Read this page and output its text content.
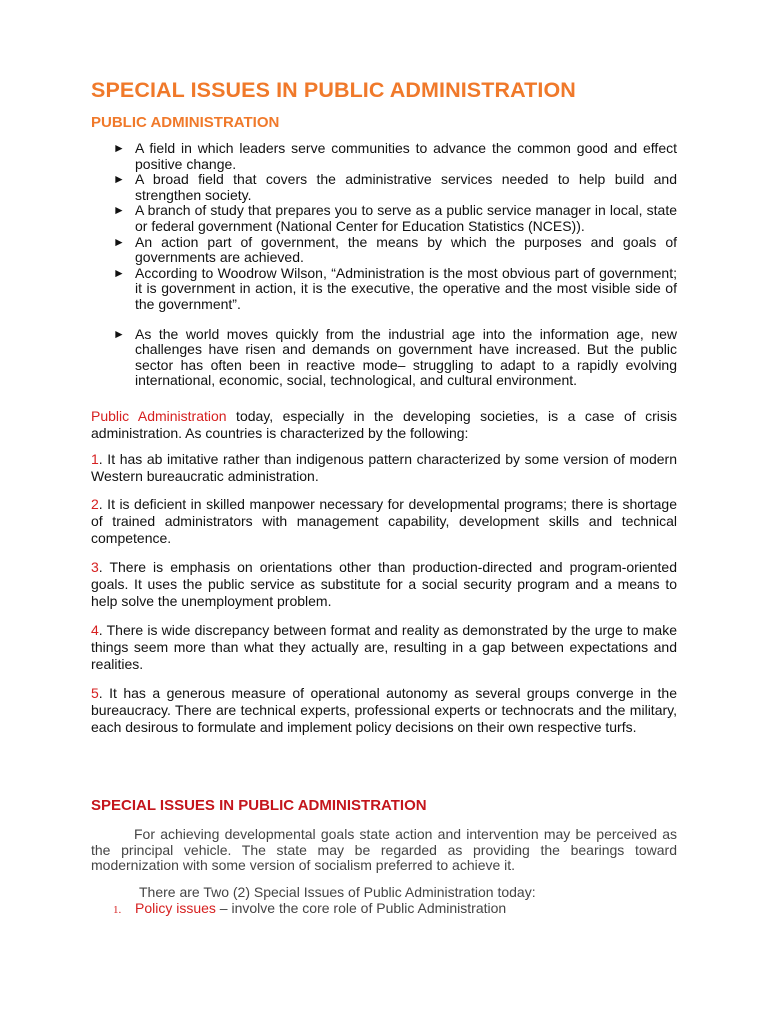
SPECIAL ISSUES IN PUBLIC ADMINISTRATION
PUBLIC ADMINISTRATION
► A field in which leaders serve communities to advance the common good and effect positive change.
► A broad field that covers the administrative services needed to help build and strengthen society.
► A branch of study that prepares you to serve as a public service manager in local, state or federal government (National Center for Education Statistics (NCES)).
► An action part of government, the means by which the purposes and goals of governments are achieved.
► According to Woodrow Wilson, “Administration is the most obvious part of government; it is government in action, it is the executive, the operative and the most visible side of the government”.
► As the world moves quickly from the industrial age into the information age, new challenges have risen and demands on government have increased. But the public sector has often been in reactive mode– struggling to adapt to a rapidly evolving international, economic, social, technological, and cultural environment.

Public Administration today, especially in the developing societies, is a case of crisis administration. As countries is characterized by the following:

1. It has ab imitative rather than indigenous pattern characterized by some version of modern Western bureaucratic administration.

2. It is deficient in skilled manpower necessary for developmental programs; there is shortage of trained administrators with management capability, development skills and technical competence.

3. There is emphasis on orientations other than production-directed and program-oriented goals. It uses the public service as substitute for a social security program and a means to help solve the unemployment problem.

4. There is wide discrepancy between format and reality as demonstrated by the urge to make things seem more than what they actually are, resulting in a gap between expectations and realities.

5. It has a generous measure of operational autonomy as several groups converge in the bureaucracy. There are technical experts, professional experts or technocrats and the military, each desirous to formulate and implement policy decisions on their own respective turfs.

SPECIAL ISSUES IN PUBLIC ADMINISTRATION

For achieving developmental goals state action and intervention may be perceived as the principal vehicle. The state may be regarded as providing the bearings toward modernization with some version of socialism preferred to achieve it.

There are Two (2) Special Issues of Public Administration today:
1. Policy issues – involve the core role of Public Administration
